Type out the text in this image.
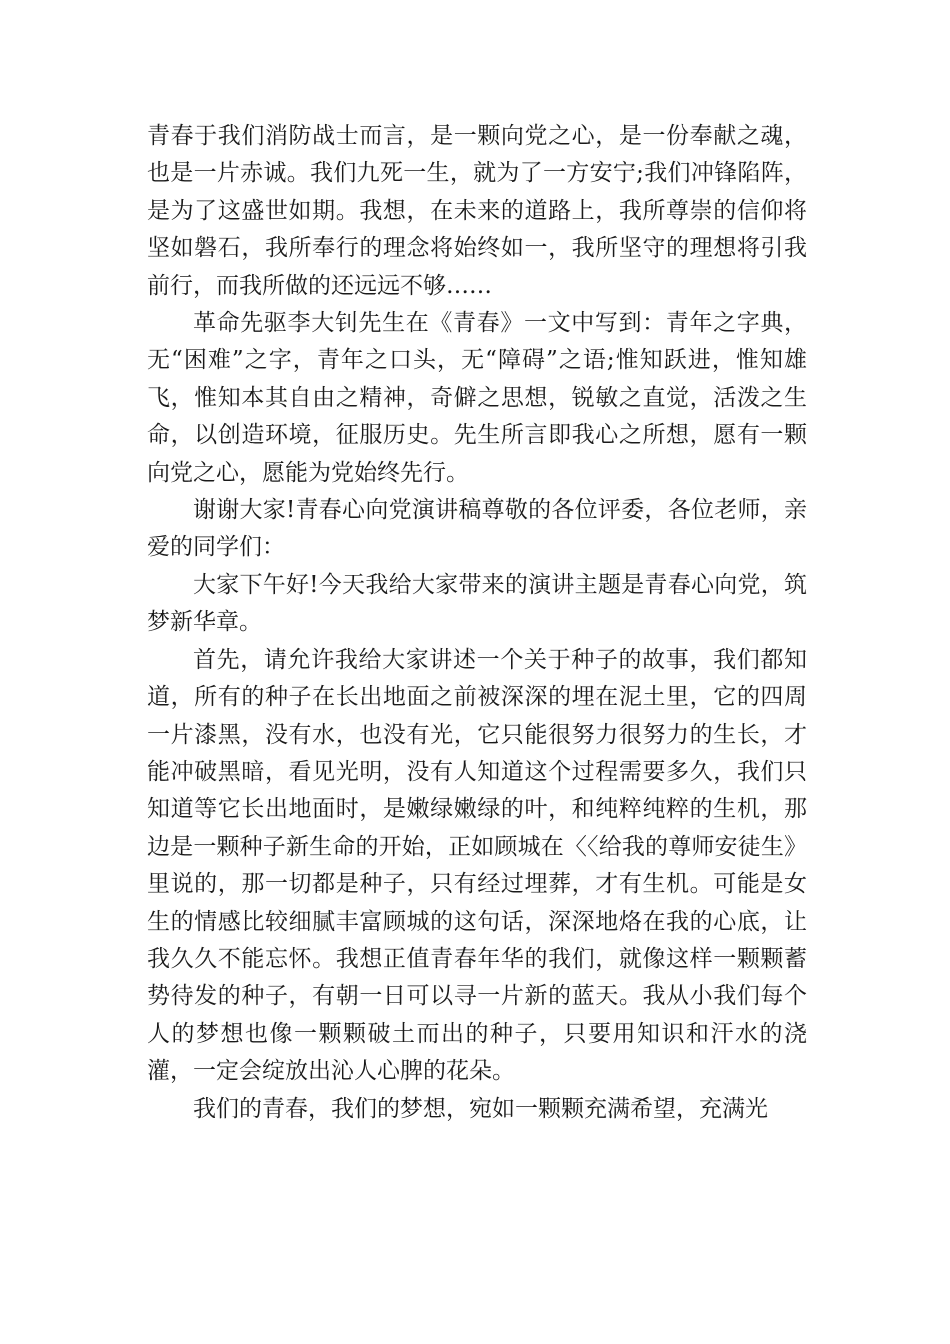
青春于我们消防战士而言，是一颗向党之心，是一份奉献之魂，也是一片赤诚。我们九死一生，就为了一方安宁;我们冲锋陷阵，是为了这盛世如期。我想，在未来的道路上，我所尊崇的信仰将坚如磐石，我所奉行的理念将始终如一，我所坚守的理想将引我前行，而我所做的还远远不够……

革命先驱李大钊先生在《青春》一文中写到：青年之字典，无“困难”之字，青年之口头，无“障碍”之语;惟知跃进，惟知雄飞，惟知本其自由之精神，奇僻之思想，锐敏之直觉，活泼之生命，以创造环境，征服历史。先生所言即我心之所想，愿有一颗向党之心，愿能为党始终先行。

谢谢大家!青春心向党演讲稿尊敬的各位评委，各位老师，亲爱的同学们：

大家下午好!今天我给大家带来的演讲主题是青春心向党，筑梦新华章。

首先，请允许我给大家讲述一个关于种子的故事，我们都知道，所有的种子在长出地面之前被深深的埋在泥土里，它的四周一片漆黑，没有水，也没有光，它只能很努力很努力的生长，才能冲破黑暗，看见光明，没有人知道这个过程需要多久，我们只知道等它长出地面时，是嫩绿嫩绿的叶，和纯粹纯粹的生机，那边是一颗种子新生命的开始，正如顾城在〈〈给我的尊师安徒生》里说的，那一切都是种子，只有经过埋葬，才有生机。可能是女生的情感比较细腻丰富顾城的这句话，深深地烙在我的心底，让我久久不能忘怀。我想正值青春年华的我们，就像这样一颗颗蓄势待发的种子，有朝一日可以寻一片新的蓝天。我从小我们每个人的梦想也像一颗颗破土而出的种子，只要用知识和汗水的浇灌，一定会绽放出沁人心脾的花朵。

我们的青春，我们的梦想，宛如一颗颗充满希望，充满光
